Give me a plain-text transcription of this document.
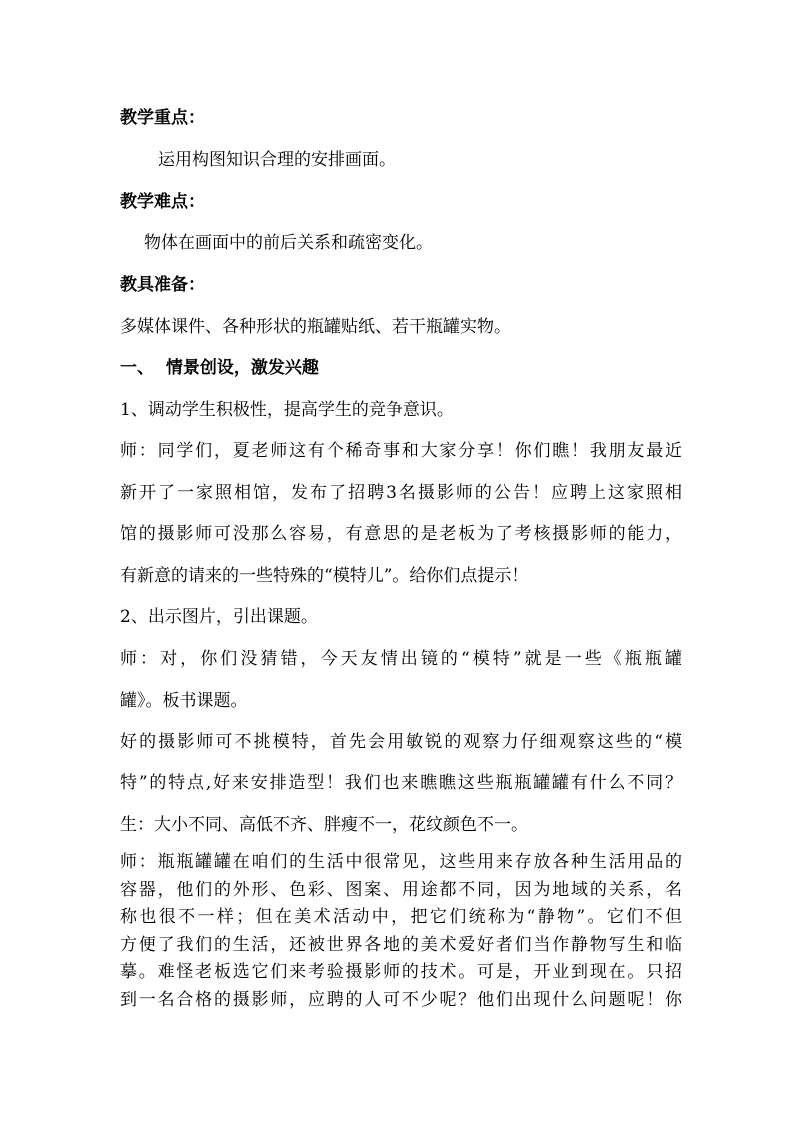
教学重点：
运用构图知识合理的安排画面。
教学难点：
物体在画面中的前后关系和疏密变化。
教具准备：
多媒体课件、各种形状的瓶罐贴纸、若干瓶罐实物。
一、  情景创设，激发兴趣
1、调动学生积极性，提高学生的竞争意识。
师：同学们，夏老师这有个稀奇事和大家分享！你们瞧！我朋友最近
新开了一家照相馆，发布了招聘3名摄影师的公告！应聘上这家照相
馆的摄影师可没那么容易，有意思的是老板为了考核摄影师的能力，
有新意的请来的一些特殊的“模特儿”。给你们点提示！
2、出示图片，引出课题。
师：对，你们没猜错，今天友情出镜的“模特”就是一些《瓶瓶罐
罐》。板书课题。
好的摄影师可不挑模特，首先会用敏锐的观察力仔细观察这些的“模
特”的特点,好来安排造型！我们也来瞧瞧这些瓶瓶罐罐有什么不同？
生：大小不同、高低不齐、胖瘦不一，花纹颜色不一。
师：瓶瓶罐罐在咱们的生活中很常见，这些用来存放各种生活用品的
容器，他们的外形、色彩、图案、用途都不同，因为地域的关系，名
称也很不一样；但在美术活动中，把它们统称为“静物”。它们不但
方便了我们的生活，还被世界各地的美术爱好者们当作静物写生和临
摹。难怪老板选它们来考验摄影师的技术。可是，开业到现在。只招
到一名合格的摄影师，应聘的人可不少呢？他们出现什么问题呢！你
